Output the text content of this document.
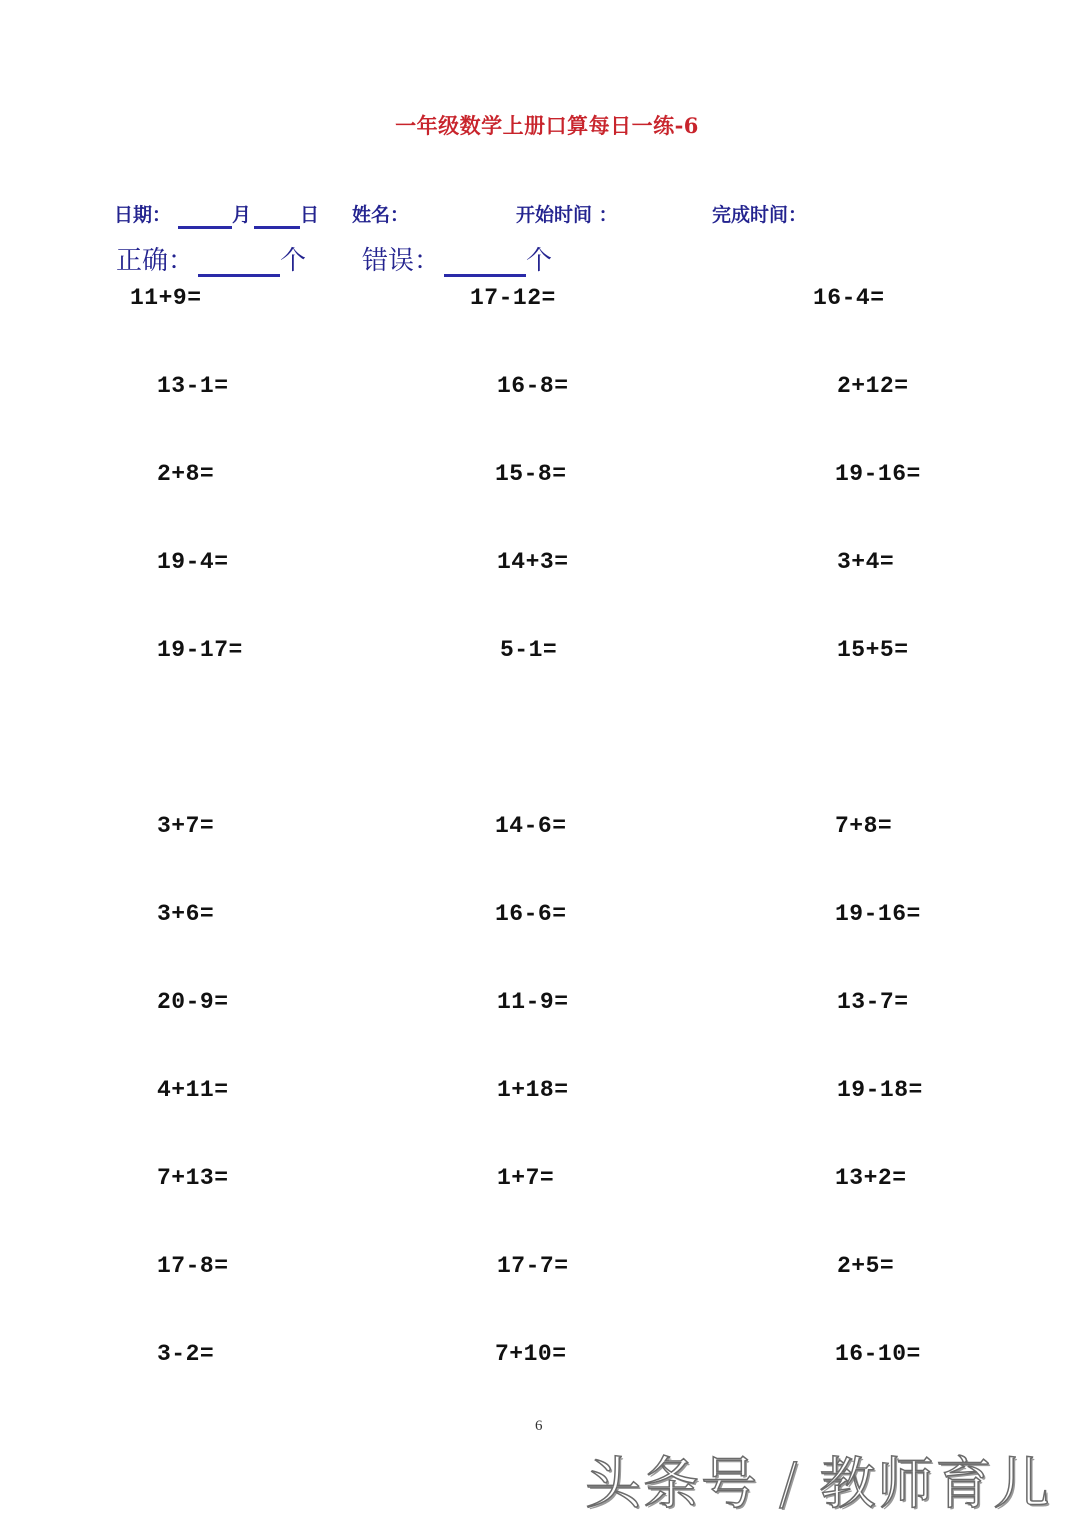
一年级数学上册口算每日一练-6
日期：	月	日 姓名：	开始时间 ：	完成时间：
正确：	个 错误：	个
11+9=	17-12=	16-4=
13-1=	16-8=	2+12=
2+8=	15-8=	19-16=
19-4=	14+3=	3+4=
19-17=	5-1=	15+5=
3+7=	14-6=	7+8=
3+6=	16-6=	19-16=
20-9=	11-9=	13-7=
4+11=	1+18=	19-18=
7+13=	1+7=	13+2=
17-8=	17-7=	2+5=
3-2=	7+10=	16-10=
6
头条号 / 教师育儿
